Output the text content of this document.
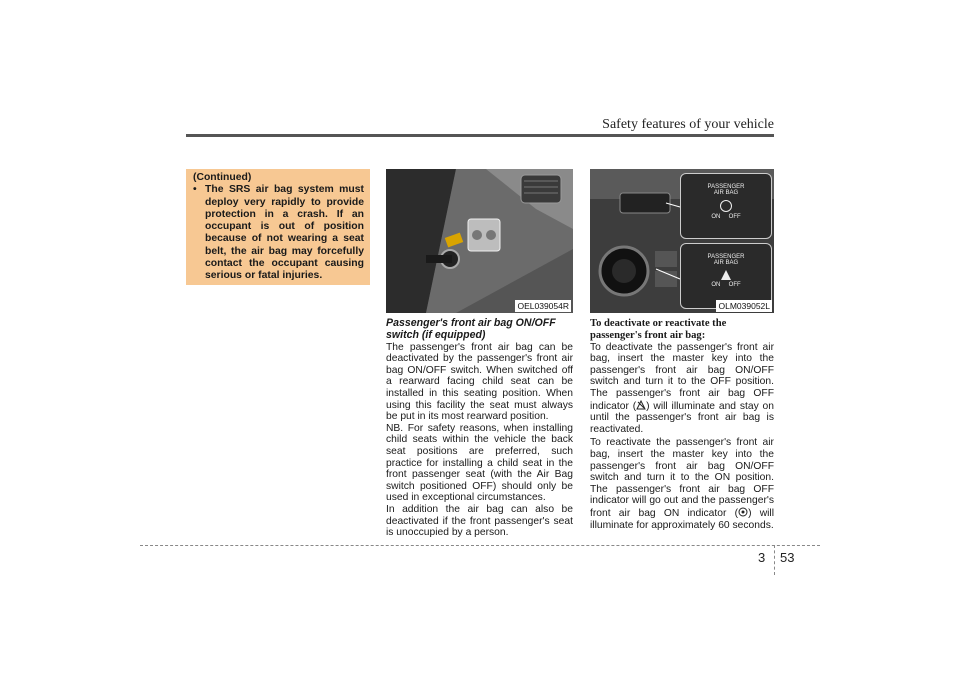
Safety features of your vehicle
(Continued)
• The SRS air bag system must deploy very rapidly to provide protection in a crash. If an occupant is out of position because of not wearing a seat belt, the air bag may forcefully contact the occupant causing serious or fatal injuries.
OEL039054R
PASSENGER
AIR BAG
ON OFF
PASSENGER
AIR BAG
ON OFF
OLM039052L
Passenger's front air bag ON/OFF switch (if equipped)

The passenger's front air bag can be deactivated by the passenger's front air bag ON/OFF switch. When switched off a rearward facing child seat can be installed in this seating position. When using this facility the seat must always be put in its most rearward position.

NB. For safety reasons, when installing child seats within the vehicle the back seat positions are preferred, such practice for installing a child seat in the front passenger seat (with the Air Bag switch positioned OFF) should only be used in exceptional circumstances.

In addition the air bag can also be deactivated if the front passenger's seat is unoccupied by a person.

To deactivate or reactivate the passenger's front air bag:

To deactivate the passenger's front air bag, insert the master key into the passenger's front air bag ON/OFF switch and turn it to the OFF position. The passenger's front air bag OFF indicator ( ) will illuminate and stay on until the passenger's front air bag is reactivated.

To reactivate the passenger's front air bag, insert the master key into the passenger's front air bag ON/OFF switch and turn it to the ON position. The passenger's front air bag OFF indicator will go out and the passenger's front air bag ON indicator ( ) will illuminate for approximately 60 seconds.

3 53
